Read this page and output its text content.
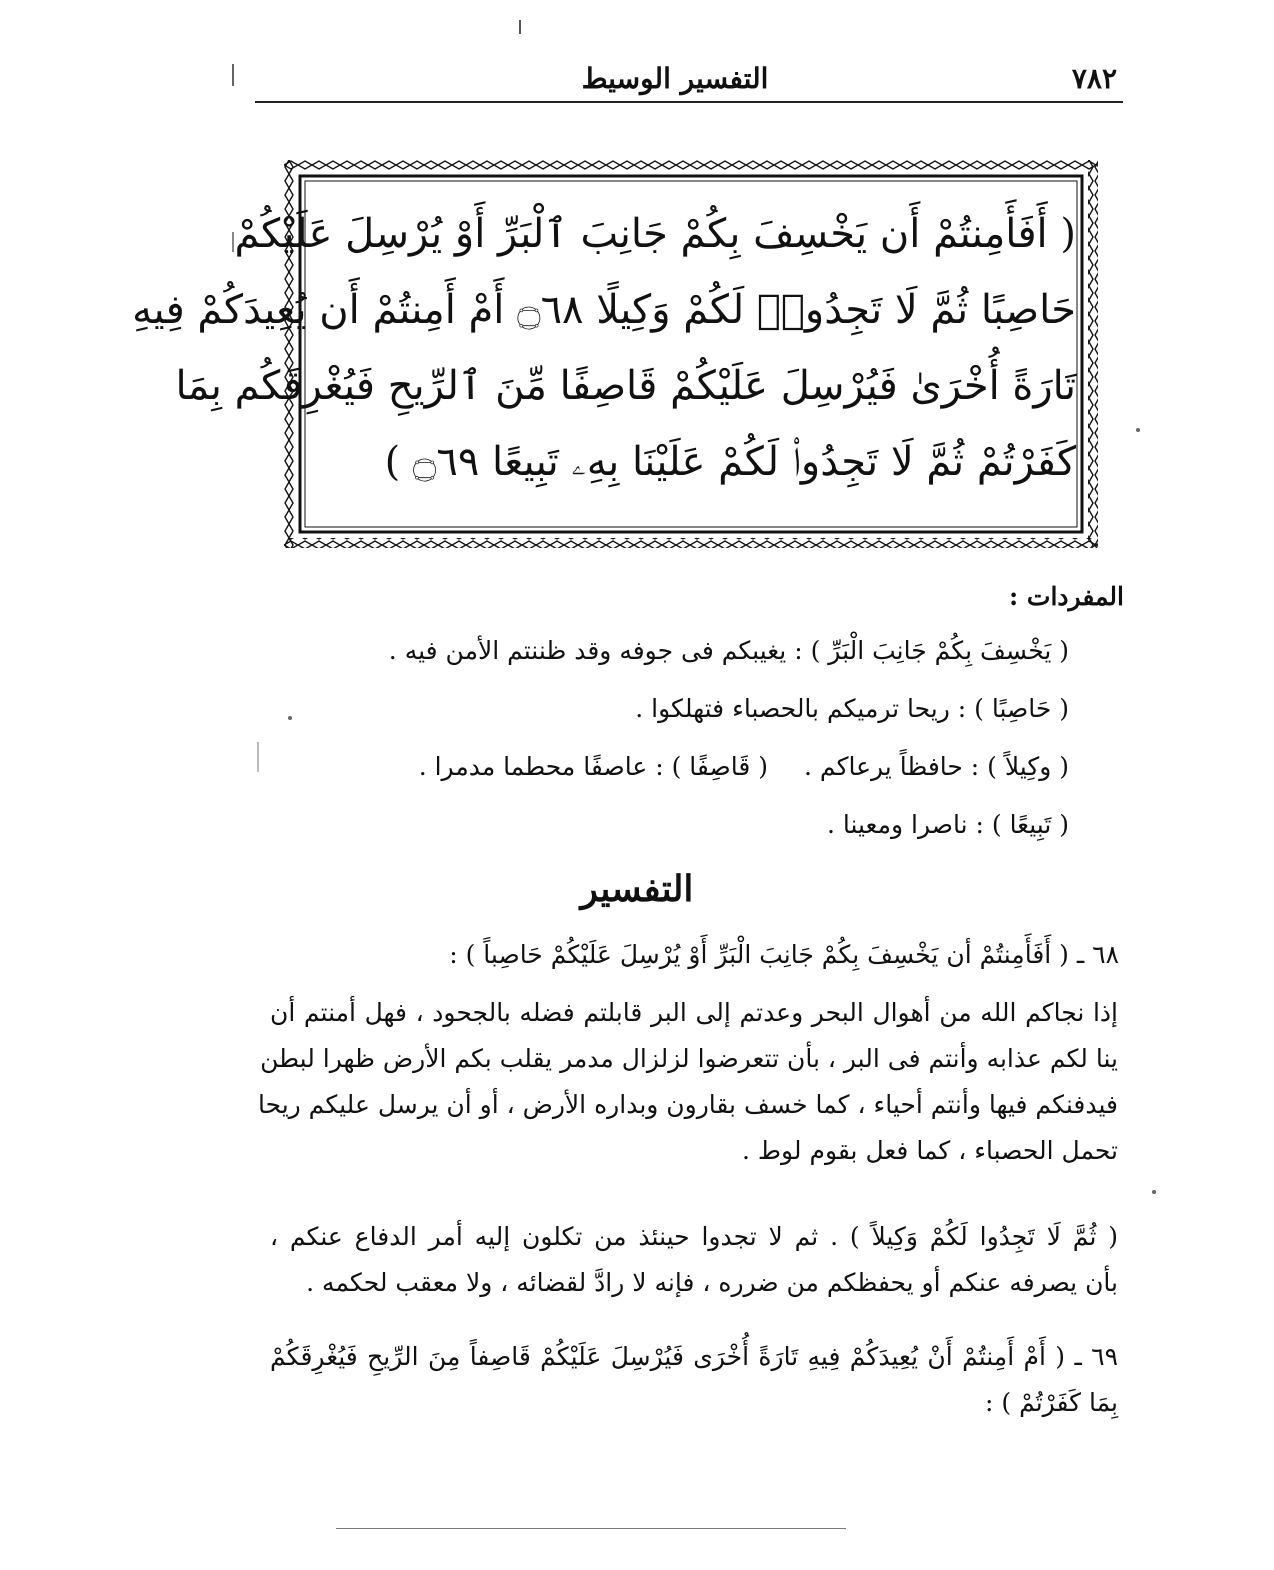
التفسير الوسيط	٧٨٢
( أَفَأَمِنتُمْ أَن يَخْسِفَ بِكُمْ جَانِبَ ٱلْبَرِّ أَوْ يُرْسِلَ عَلَيْكُمْ
حَاصِبًا ثُمَّ لَا تَجِدُوا۟ لَكُمْ وَكِيلًا ۝٦٨ أَمْ أَمِنتُمْ أَن يُعِيدَكُمْ فِيهِ
تَارَةً أُخْرَىٰ فَيُرْسِلَ عَلَيْكُمْ قَاصِفًا مِّنَ ٱلرِّيحِ فَيُغْرِقَكُم بِمَا
كَفَرْتُمْ ثُمَّ لَا تَجِدُوا۟ لَكُمْ عَلَيْنَا بِهِۦ تَبِيعًا ۝٦٩ )
المفردات :
( يَخْسِفَ بِكُمْ جَانِبَ الْبَرِّ ) : يغيبكم فى جوفه وقد ظننتم الأمن فيه .
( حَاصِبًا ) : ريحا ترميكم بالحصباء فتهلكوا .
( وكِيلاً ) : حافظاً يرعاكم .( قَاصِفًا ) : عاصفًا محطما مدمرا .
( تَبِيعًا ) : ناصرا ومعينا .
التفسير
٦٨ ـ ( أَفَأَمِنتُمْ أن يَخْسِفَ بِكُمْ جَانِبَ الْبَرِّ أَوْ يُرْسِلَ عَلَيْكُمْ حَاصِباً ) :
إذا نجاكم الله من أهوال البحر وعدتم إلى البر قابلتم فضله بالجحود ، فهل أمنتم أن
ينا لكم عذابه وأنتم فى البر ، بأن تتعرضوا لزلزال مدمر يقلب بكم الأرض ظهرا لبطن
فيدفنكم فيها وأنتم أحياء ، كما خسف بقارون وبداره الأرض ، أو أن يرسل عليكم ريحا
تحمل الحصباء ، كما فعل بقوم لوط .
( ثُمَّ لَا تَجِدُوا لَكُمْ وَكِيلاً ) . ثم لا تجدوا حينئذ من تكلون إليه أمر الدفاع عنكم ،
بأن يصرفه عنكم أو يحفظكم من ضرره ، فإنه لا رادَّ لقضائه ، ولا معقب لحكمه .
٦٩ ـ ( أَمْ أَمِنتُمْ أَنْ يُعِيدَكُمْ فِيهِ تَارَةً أُخْرَى فَيُرْسِلَ عَلَيْكُمْ قَاصِفاً مِنَ الرِّيحِ فَيُغْرِقَكُمْ
بِمَا كَفَرْتُمْ ) :
